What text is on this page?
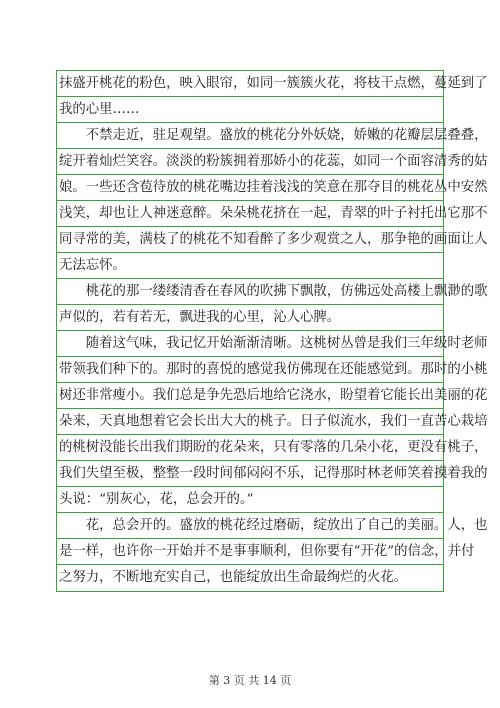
抹盛开桃花的粉色，映入眼帘，如同一簇簇火花，将枝干点燃，蔓延到了
我的心里……
　　不禁走近，驻足观望。盛放的桃花分外妖娆，娇嫩的花瓣层层叠叠，
绽开着灿烂笑容。淡淡的粉簇拥着那娇小的花蕊，如同一个面容清秀的姑
娘。一些还含苞待放的桃花嘴边挂着浅浅的笑意在那夺目的桃花丛中安然
浅笑，却也让人神迷意醉。朵朵桃花挤在一起，青翠的叶子衬托出它那不
同寻常的美，满枝了的桃花不知看醉了多少观赏之人，那争艳的画面让人
无法忘怀。
　　桃花的那一缕缕清香在春风的吹拂下飘散，仿佛远处高楼上飘渺的歌
声似的，若有若无，飘进我的心里，沁人心脾。
　　随着这气味，我记忆开始渐渐清晰。这桃树丛曾是我们三年级时老师
带领我们种下的。那时的喜悦的感觉我仿佛现在还能感觉到。那时的小桃
树还非常瘦小。我们总是争先恐后地给它浇水，盼望着它能长出美丽的花
朵来，天真地想着它会长出大大的桃子。日子似流水，我们一直苦心栽培
的桃树没能长出我们期盼的花朵来，只有零落的几朵小花，更没有桃子，
我们失望至极，整整一段时间郁闷闷不乐，记得那时林老师笑着摸着我的
头说：“别灰心，花，总会开的。”
　　花，总会开的。盛放的桃花经过磨砺，绽放出了自己的美丽。人，也
是一样，也许你一开始并不是事事顺利，但你要有“开花”的信念，并付
之努力，不断地充实自己，也能绽放出生命最绚烂的火花。
第 3 页 共 14 页
